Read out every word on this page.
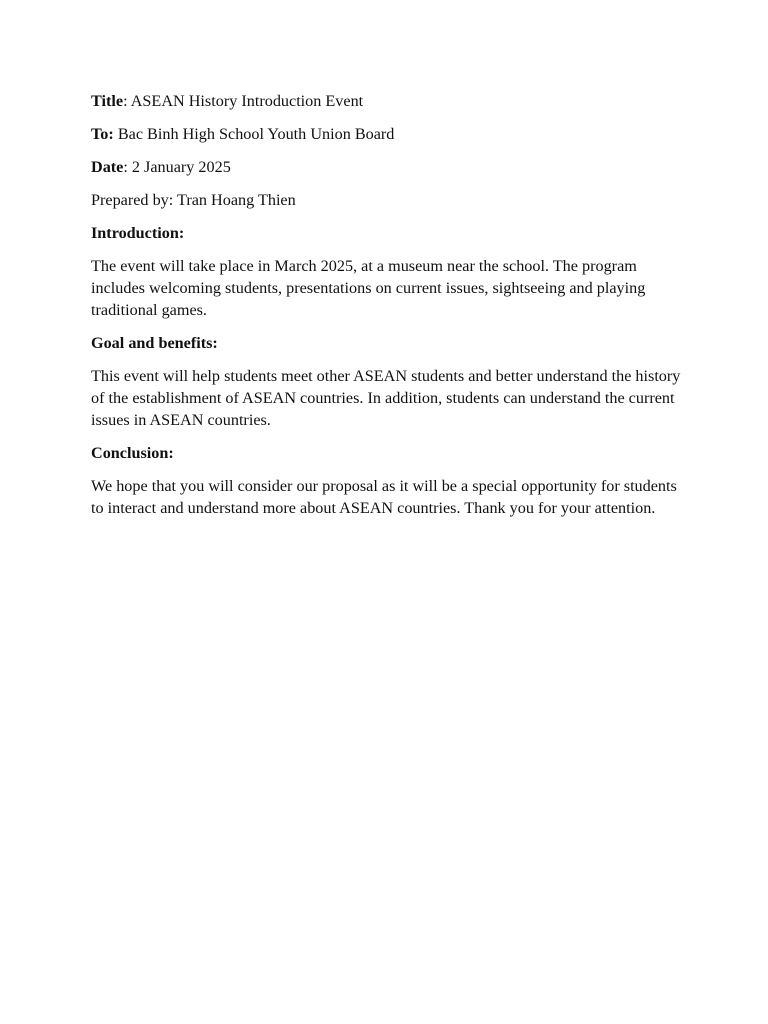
Title: ASEAN History Introduction Event

To: Bac Binh High School Youth Union Board

Date: 2 January 2025

Prepared by: Tran Hoang Thien

Introduction:

The event will take place in March 2025, at a museum near the school. The program includes welcoming students, presentations on current issues, sightseeing and playing traditional games.

Goal and benefits:

This event will help students meet other ASEAN students and better understand the history of the establishment of ASEAN countries. In addition, students can understand the current issues in ASEAN countries.

Conclusion:

We hope that you will consider our proposal as it will be a special opportunity for students to interact and understand more about ASEAN countries. Thank you for your attention.
